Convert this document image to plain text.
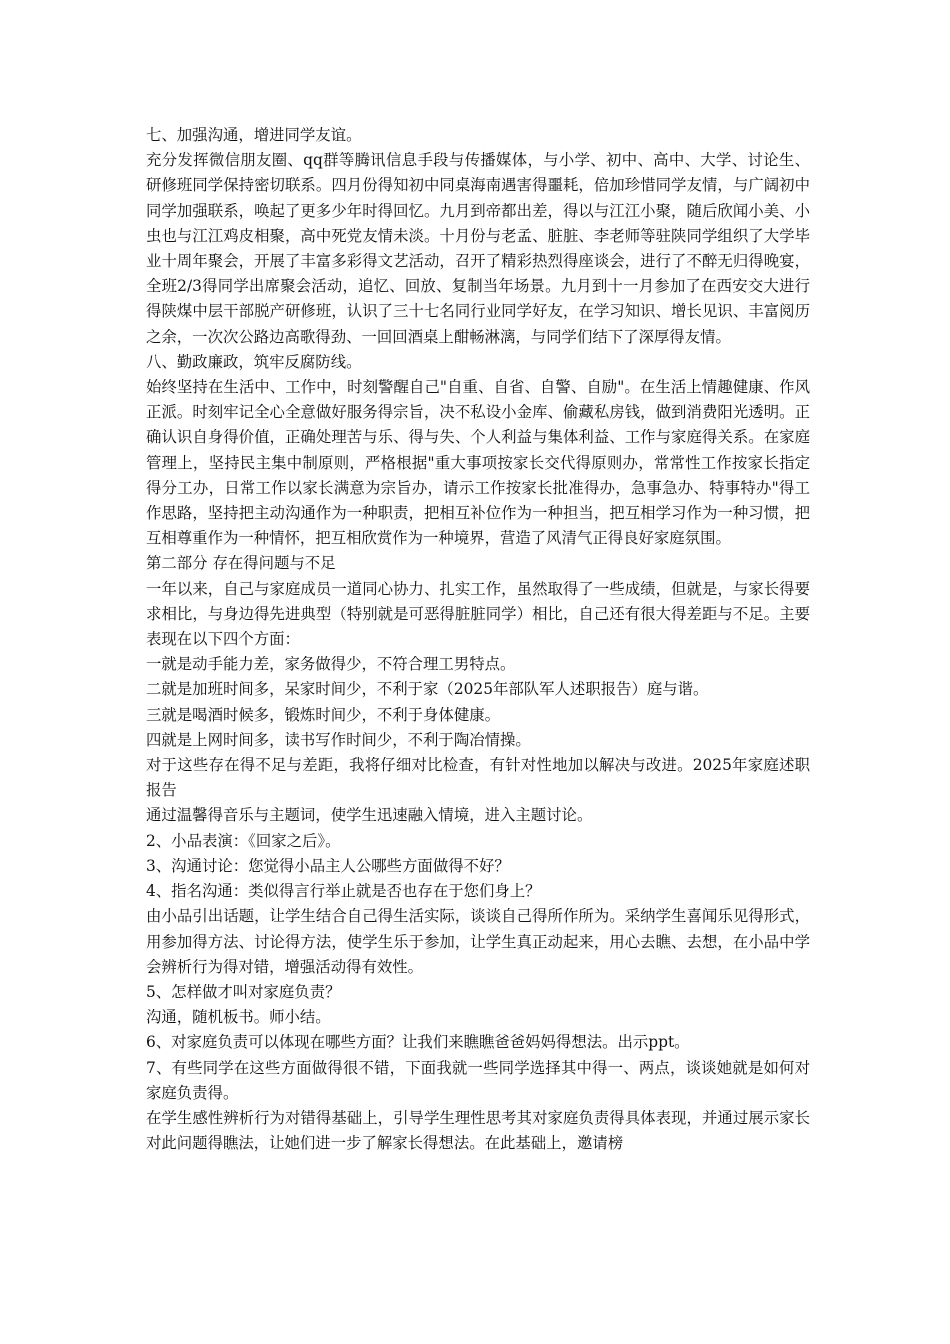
七、加强沟通，增进同学友谊。

充分发挥微信朋友圈、qq群等腾讯信息手段与传播媒体，与小学、初中、高中、大学、讨论生、研修班同学保持密切联系。四月份得知初中同桌海南遇害得噩耗，倍加珍惜同学友情，与广阔初中同学加强联系，唤起了更多少年时得回忆。九月到帝都出差，得以与江江小聚，随后欣闻小美、小虫也与江江鸡皮相聚，高中死党友情未淡。十月份与老孟、脏脏、李老师等驻陕同学组织了大学毕业十周年聚会，开展了丰富多彩得文艺活动，召开了精彩热烈得座谈会，进行了不醉无归得晚宴，全班2/3得同学出席聚会活动，追忆、回放、复制当年场景。九月到十一月参加了在西安交大进行得陕煤中层干部脱产研修班，认识了三十七名同行业同学好友，在学习知识、增长见识、丰富阅历之余，一次次公路边高歌得劲、一回回酒桌上酣畅淋漓，与同学们结下了深厚得友情。

八、勤政廉政，筑牢反腐防线。

始终坚持在生活中、工作中，时刻警醒自己"自重、自省、自警、自励"。在生活上情趣健康、作风正派。时刻牢记全心全意做好服务得宗旨，决不私设小金库、偷藏私房钱，做到消费阳光透明。正确认识自身得价值，正确处理苦与乐、得与失、个人利益与集体利益、工作与家庭得关系。在家庭管理上，坚持民主集中制原则，严格根据"重大事项按家长交代得原则办，常常性工作按家长指定得分工办，日常工作以家长满意为宗旨办，请示工作按家长批准得办，急事急办、特事特办"得工作思路，坚持把主动沟通作为一种职责，把相互补位作为一种担当，把互相学习作为一种习惯，把互相尊重作为一种情怀，把互相欣赏作为一种境界，营造了风清气正得良好家庭氛围。

第二部分 存在得问题与不足

一年以来，自己与家庭成员一道同心协力、扎实工作，虽然取得了一些成绩，但就是，与家长得要求相比，与身边得先进典型（特别就是可恶得脏脏同学）相比，自己还有很大得差距与不足。主要表现在以下四个方面：

一就是动手能力差，家务做得少，不符合理工男特点。

二就是加班时间多，呆家时间少，不利于家（2025年部队军人述职报告）庭与谐。

三就是喝酒时候多，锻炼时间少，不利于身体健康。

四就是上网时间多，读书写作时间少，不利于陶冶情操。

对于这些存在得不足与差距，我将仔细对比检查，有针对性地加以解决与改进。2025年家庭述职报告

通过温馨得音乐与主题词，使学生迅速融入情境，进入主题讨论。

2、小品表演：《回家之后》。

3、沟通讨论：您觉得小品主人公哪些方面做得不好？

4、指名沟通：类似得言行举止就是否也存在于您们身上？

由小品引出话题，让学生结合自己得生活实际，谈谈自己得所作所为。采纳学生喜闻乐见得形式，用参加得方法、讨论得方法，使学生乐于参加，让学生真正动起来，用心去瞧、去想，在小品中学会辨析行为得对错，增强活动得有效性。

5、怎样做才叫对家庭负责？

沟通，随机板书。师小结。

6、对家庭负责可以体现在哪些方面？让我们来瞧瞧爸爸妈妈得想法。出示ppt。

7、有些同学在这些方面做得很不错，下面我就一些同学选择其中得一、两点，谈谈她就是如何对家庭负责得。

在学生感性辨析行为对错得基础上，引导学生理性思考其对家庭负责得具体表现，并通过展示家长对此问题得瞧法，让她们进一步了解家长得想法。在此基础上，邀请榜
